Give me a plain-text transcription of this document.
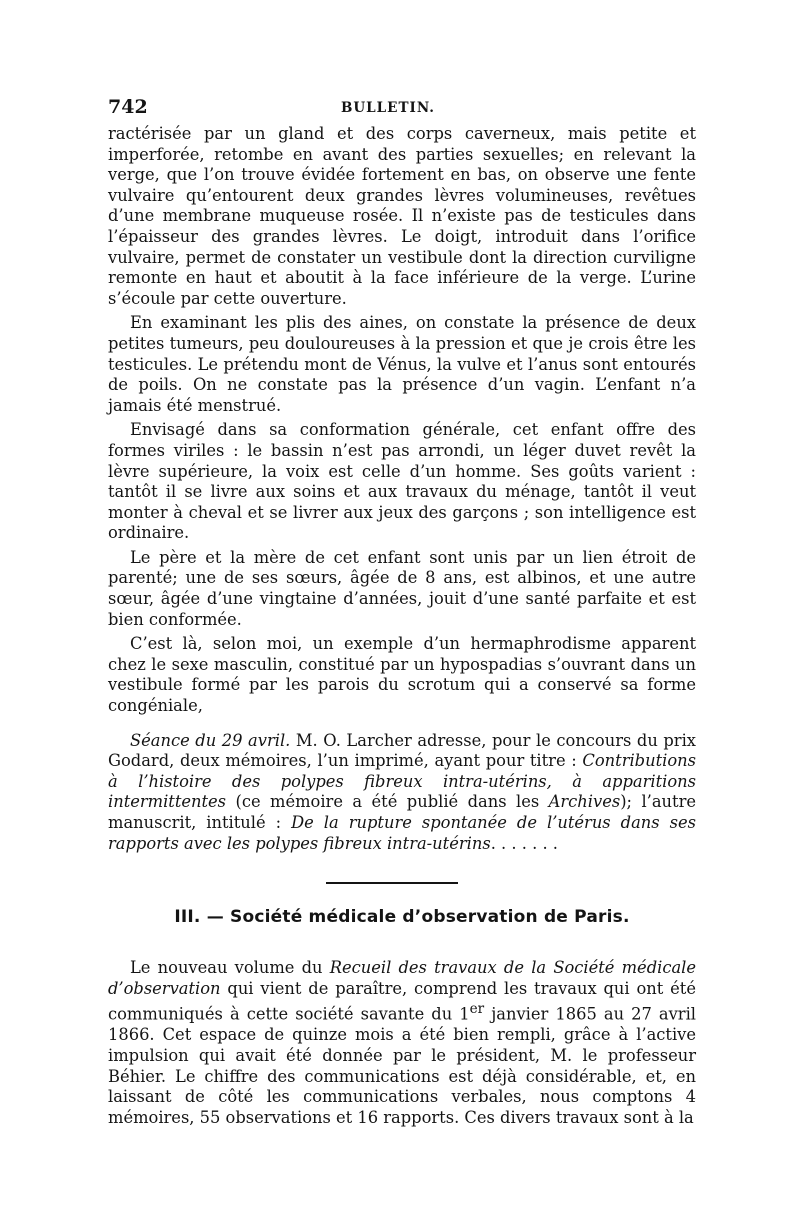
742	BULLETIN.

ractérisée par un gland et des corps caverneux, mais petite et imperforée, retombe en avant des parties sexuelles; en relevant la verge, que l’on trouve évidée fortement en bas, on observe une fente vulvaire qu’entourent deux grandes lèvres volumineuses, revêtues d’une membrane muqueuse rosée. Il n’existe pas de testicules dans l’épaisseur des grandes lèvres. Le doigt, introduit dans l’orifice vulvaire, permet de constater un vestibule dont la direction curviligne remonte en haut et aboutit à la face inférieure de la verge. L’urine s’écoule par cette ouverture.

En examinant les plis des aines, on constate la présence de deux petites tumeurs, peu douloureuses à la pression et que je crois être les testicules. Le prétendu mont de Vénus, la vulve et l’anus sont entourés de poils. On ne constate pas la présence d’un vagin. L’enfant n’a jamais été menstrué.

Envisagé dans sa conformation générale, cet enfant offre des formes viriles : le bassin n’est pas arrondi, un léger duvet revêt la lèvre supérieure, la voix est celle d’un homme. Ses goûts varient : tantôt il se livre aux soins et aux travaux du ménage, tantôt il veut monter à cheval et se livrer aux jeux des garçons ; son intelligence est ordinaire.

Le père et la mère de cet enfant sont unis par un lien étroit de parenté; une de ses sœurs, âgée de 8 ans, est albinos, et une autre sœur, âgée d’une vingtaine d’années, jouit d’une santé parfaite et est bien conformée.

C’est là, selon moi, un exemple d’un hermaphrodisme apparent chez le sexe masculin, constitué par un hypospadias s’ouvrant dans un vestibule formé par les parois du scrotum qui a conservé sa forme congéniale,

Séance du 29 avril. M. O. Larcher adresse, pour le concours du prix Godard, deux mémoires, l’un imprimé, ayant pour titre : Contributions à l’histoire des polypes fibreux intra-utérins, à apparitions intermittentes (ce mémoire a été publié dans les Archives); l’autre manuscrit, intitulé : De la rupture spontanée de l’utérus dans ses rapports avec les polypes fibreux intra-utérins. . . . . . .

III. — Société médicale d’observation de Paris.

Le nouveau volume du Recueil des travaux de la Société médicale d’observation qui vient de paraître, comprend les travaux qui ont été communiqués à cette société savante du 1er janvier 1865 au 27 avril 1866. Cet espace de quinze mois a été bien rempli, grâce à l’active impulsion qui avait été donnée par le président, M. le professeur Béhier. Le chiffre des communications est déjà considérable, et, en laissant de côté les communications verbales, nous comptons 4 mémoires, 55 observations et 16 rapports. Ces divers travaux sont à la
